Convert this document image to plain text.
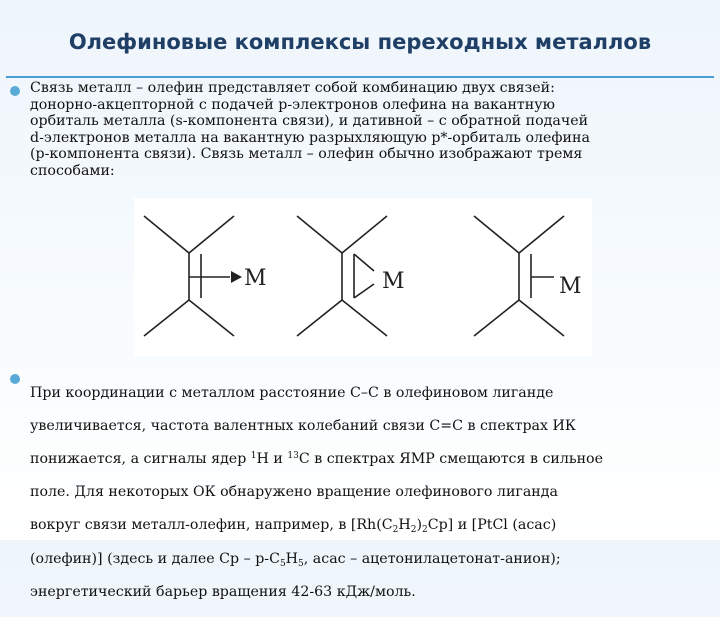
Олефиновые комплексы переходных металлов

Связь металл – олефин представляет собой комбинацию двух связей:
донорно-акцепторной с подачей p-электронов олефина на вакантную
орбиталь металла (s-компонента связи), и дативной – с обратной подачей
d-электронов металла на вакантную разрыхляющую p*-орбиталь олефина
(p-компонента связи). Связь металл – олефин обычно изображают тремя
способами:

M	M	M

При координации с металлом расстояние С–С в олефиновом лиганде

увеличивается, частота валентных колебаний связи С=С в спектрах ИК

понижается, а сигналы ядер $^1$Н и $^{13}$С в спектрах ЯМР смещаются в сильное

поле. Для некоторых ОК обнаружено вращение олефинового лиганда

вокруг связи металл-олефин, например, в $[Rh(C_2H_2)_2Cp]$ и [PtCl (acac)

(олефин)] (здесь и далее Cp – $p-C_5H_5$, acac – ацетонилацетонат-анион);

энергетический барьер вращения 42-63 кДж/моль.
